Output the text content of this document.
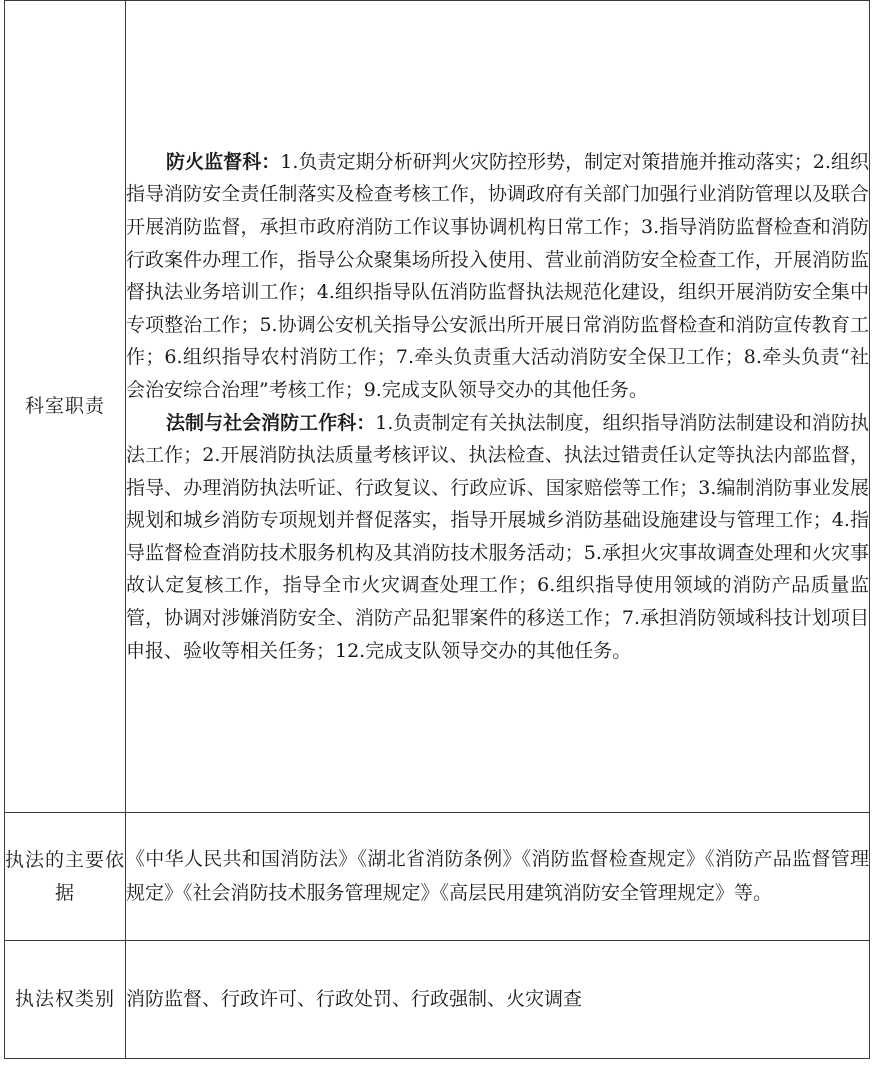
科室职责	防火监督科：1.负责定期分析研判火灾防控形势，制定对策措施并推动落实；2.组织指导消防安全责任制落实及检查考核工作，协调政府有关部门加强行业消防管理以及联合开展消防监督，承担市政府消防工作议事协调机构日常工作；3.指导消防监督检查和消防行政案件办理工作，指导公众聚集场所投入使用、营业前消防安全检查工作，开展消防监督执法业务培训工作；4.组织指导队伍消防监督执法规范化建设，组织开展消防安全集中专项整治工作；5.协调公安机关指导公安派出所开展日常消防监督检查和消防宣传教育工作；6.组织指导农村消防工作；7.牵头负责重大活动消防安全保卫工作；8.牵头负责“社会治安综合治理”考核工作；9.完成支队领导交办的其他任务。

法制与社会消防工作科：1.负责制定有关执法制度，组织指导消防法制建设和消防执法工作；2.开展消防执法质量考核评议、执法检查、执法过错责任认定等执法内部监督，指导、办理消防执法听证、行政复议、行政应诉、国家赔偿等工作；3.编制消防事业发展规划和城乡消防专项规划并督促落实，指导开展城乡消防基础设施建设与管理工作；4.指导监督检查消防技术服务机构及其消防技术服务活动；5.承担火灾事故调查处理和火灾事故认定复核工作，指导全市火灾调查处理工作；6.组织指导使用领域的消防产品质量监管，协调对涉嫌消防安全、消防产品犯罪案件的移送工作；7.承担消防领域科技计划项目申报、验收等相关任务；12.完成支队领导交办的其他任务。

执法的主要依据	《中华人民共和国消防法》《湖北省消防条例》《消防监督检查规定》《消防产品监督管理规定》《社会消防技术服务管理规定》《高层民用建筑消防安全管理规定》等。
执法权类别	消防监督、行政许可、行政处罚、行政强制、火灾调查
